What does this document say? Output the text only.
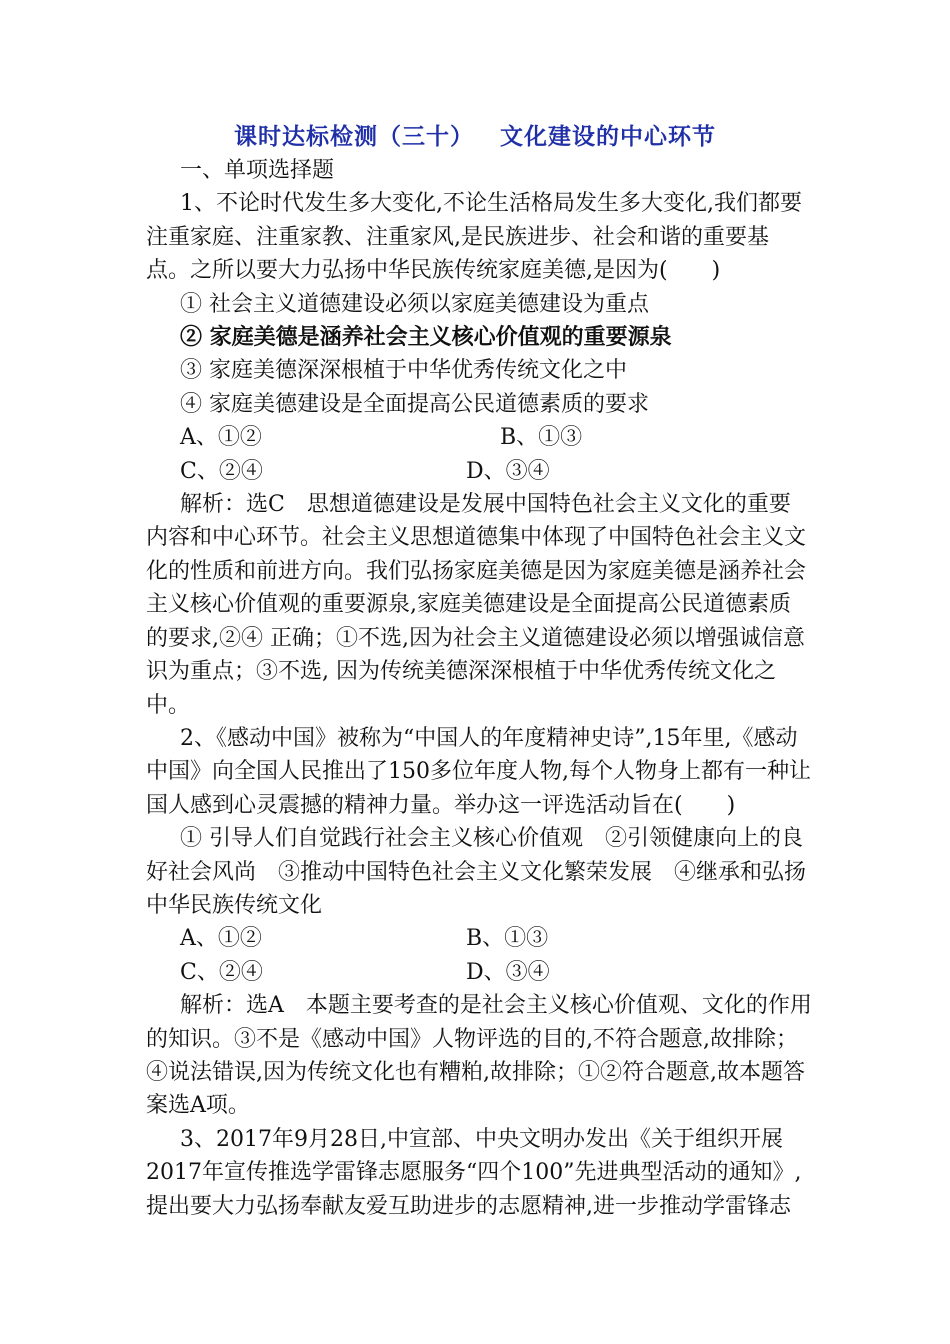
课时达标检测（三十） 文化建设的中心环节

一、单项选择题

1、不论时代发生多大变化,不论生活格局发生多大变化,我们都要注重家庭、注重家教、注重家风,是民族进步、社会和谐的重要基点。之所以要大力弘扬中华民族传统家庭美德,是因为(　　)

① 社会主义道德建设必须以家庭美德建设为重点

② 家庭美德是涵养社会主义核心价值观的重要源泉

③ 家庭美德深深根植于中华优秀传统文化之中

④ 家庭美德建设是全面提高公民道德素质的要求

A、①②	B、①③

C、②④	D、③④

解析：选C　思想道德建设是发展中国特色社会主义文化的重要内容和中心环节。社会主义思想道德集中体现了中国特色社会主义文化的性质和前进方向。我们弘扬家庭美德是因为家庭美德是涵养社会主义核心价值观的重要源泉,家庭美德建设是全面提高公民道德素质的要求,②④ 正确；①不选,因为社会主义道德建设必须以增强诚信意识为重点；③不选, 因为传统美德深深根植于中华优秀传统文化之中。

2、《感动中国》被称为“中国人的年度精神史诗”,15年里,《感动中国》向全国人民推出了150多位年度人物,每个人物身上都有一种让国人感到心灵震撼的精神力量。举办这一评选活动旨在(　　)

① 引导人们自觉践行社会主义核心价值观　②引领健康向上的良好社会风尚　③推动中国特色社会主义文化繁荣发展　④继承和弘扬中华民族传统文化

A、①②	B、①③

C、②④	D、③④

解析：选A　本题主要考查的是社会主义核心价值观、文化的作用的知识。③不是《感动中国》人物评选的目的,不符合题意,故排除；④说法错误,因为传统文化也有糟粕,故排除；①②符合题意,故本题答案选A项。

3、2017年9月28日,中宣部、中央文明办发出《关于组织开展2017年宣传推选学雷锋志愿服务“四个100”先进典型活动的通知》,提出要大力弘扬奉献友爱互助进步的志愿精神,进一步推动学雷锋志
